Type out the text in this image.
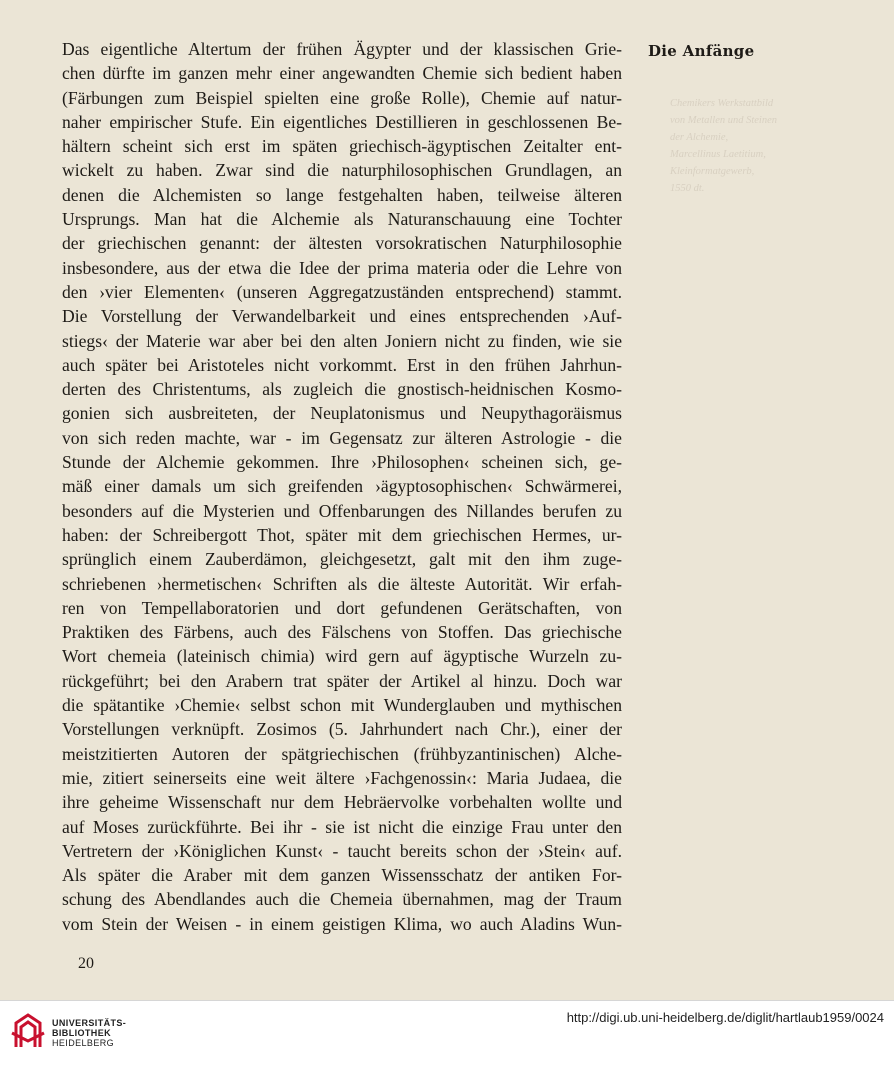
Die Anfänge
Chemikers Werkstattbild
von Metallen und Steinen
der Alchemie,
Marcellinus Laetitium,
Kleinformatgewerb,
1550 dt.
Das eigentliche Altertum der frühen Ägypter und der klassischen Grie-
chen dürfte im ganzen mehr einer angewandten Chemie sich bedient haben
(Färbungen zum Beispiel spielten eine große Rolle), Chemie auf natur-
naher empirischer Stufe. Ein eigentliches Destillieren in geschlossenen Be-
hältern scheint sich erst im späten griechisch-ägyptischen Zeitalter ent-
wickelt zu haben. Zwar sind die naturphilosophischen Grundlagen, an
denen die Alchemisten so lange festgehalten haben, teilweise älteren
Ursprungs. Man hat die Alchemie als Naturanschauung eine Tochter
der griechischen genannt: der ältesten vorsokratischen Naturphilosophie
insbesondere, aus der etwa die Idee der prima materia oder die Lehre von
den ›vier Elementen‹ (unseren Aggregatzuständen entsprechend) stammt.
Die Vorstellung der Verwandelbarkeit und eines entsprechenden ›Auf-
stiegs‹ der Materie war aber bei den alten Joniern nicht zu finden, wie sie
auch später bei Aristoteles nicht vorkommt. Erst in den frühen Jahrhun-
derten des Christentums, als zugleich die gnostisch-heidnischen Kosmo-
gonien sich ausbreiteten, der Neuplatonismus und Neupythagoräismus
von sich reden machte, war - im Gegensatz zur älteren Astrologie - die
Stunde der Alchemie gekommen. Ihre ›Philosophen‹ scheinen sich, ge-
mäß einer damals um sich greifenden ›ägyptosophischen‹ Schwärmerei,
besonders auf die Mysterien und Offenbarungen des Nillandes berufen zu
haben: der Schreibergott Thot, später mit dem griechischen Hermes, ur-
sprünglich einem Zauberdämon, gleichgesetzt, galt mit den ihm zuge-
schriebenen ›hermetischen‹ Schriften als die älteste Autorität. Wir erfah-
ren von Tempellaboratorien und dort gefundenen Gerätschaften, von
Praktiken des Färbens, auch des Fälschens von Stoffen. Das griechische
Wort chemeia (lateinisch chimia) wird gern auf ägyptische Wurzeln zu-
rückgeführt; bei den Arabern trat später der Artikel al hinzu. Doch war
die spätantike ›Chemie‹ selbst schon mit Wunderglauben und mythischen
Vorstellungen verknüpft. Zosimos (5. Jahrhundert nach Chr.), einer der
meistzitierten Autoren der spätgriechischen (frühbyzantinischen) Alche-
mie, zitiert seinerseits eine weit ältere ›Fachgenossin‹: Maria Judaea, die
ihre geheime Wissenschaft nur dem Hebräervolke vorbehalten wollte und
auf Moses zurückführte. Bei ihr - sie ist nicht die einzige Frau unter den
Vertretern der ›Königlichen Kunst‹ - taucht bereits schon der ›Stein‹ auf.
Als später die Araber mit dem ganzen Wissensschatz der antiken For-
schung des Abendlandes auch die Chemeia übernahmen, mag der Traum
vom Stein der Weisen - in einem geistigen Klima, wo auch Aladins Wun-
20
UNIVERSITÄTS-
BIBLIOTHEK
HEIDELBERG
http://digi.ub.uni-heidelberg.de/diglit/hartlaub1959/0024
